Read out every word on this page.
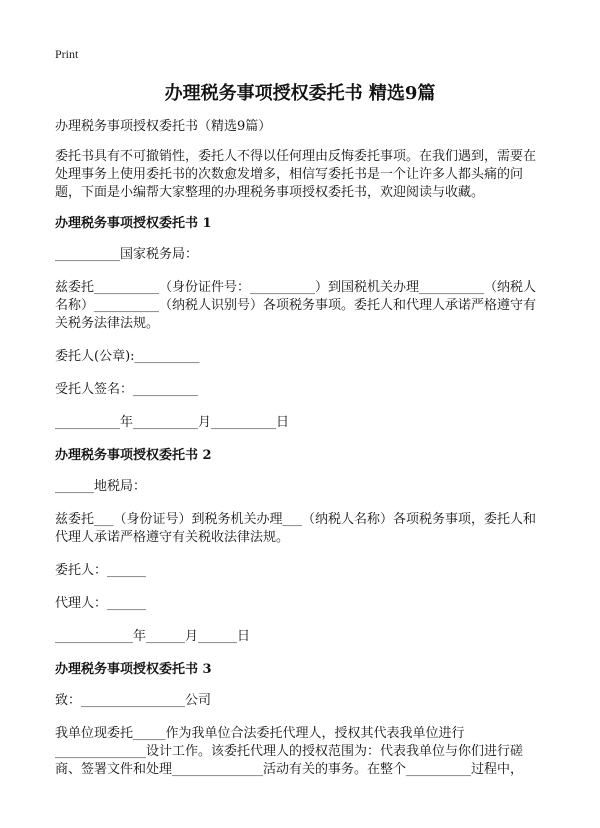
Print
办理税务事项授权委托书 精选9篇

办理税务事项授权委托书（精选9篇）

委托书具有不可撤销性，委托人不得以任何理由反悔委托事项。在我们遇到，需要在处理事务上使用委托书的次数愈发增多，相信写委托书是一个让许多人都头痛的问题，下面是小编帮大家整理的办理税务事项授权委托书，欢迎阅读与收藏。

办理税务事项授权委托书 1

__________国家税务局：

兹委托__________（身份证件号：__________）到国税机关办理__________（纳税人名称）__________（纳税人识别号）各项税务事项。委托人和代理人承诺严格遵守有关税务法律法规。

委托人(公章):__________

受托人签名：__________

__________年__________月__________日

办理税务事项授权委托书 2

______地税局：

兹委托___（身份证号）到税务机关办理___（纳税人名称）各项税务事项，委托人和代理人承诺严格遵守有关税收法律法规。

委托人：______

代理人：______

____________年______月______日

办理税务事项授权委托书 3

致：________________公司

我单位现委托_____作为我单位合法委托代理人，授权其代表我单位进行______________设计工作。该委托代理人的授权范围为：代表我单位与你们进行磋商、签署文件和处理______________活动有关的事务。在整个__________过程中，
